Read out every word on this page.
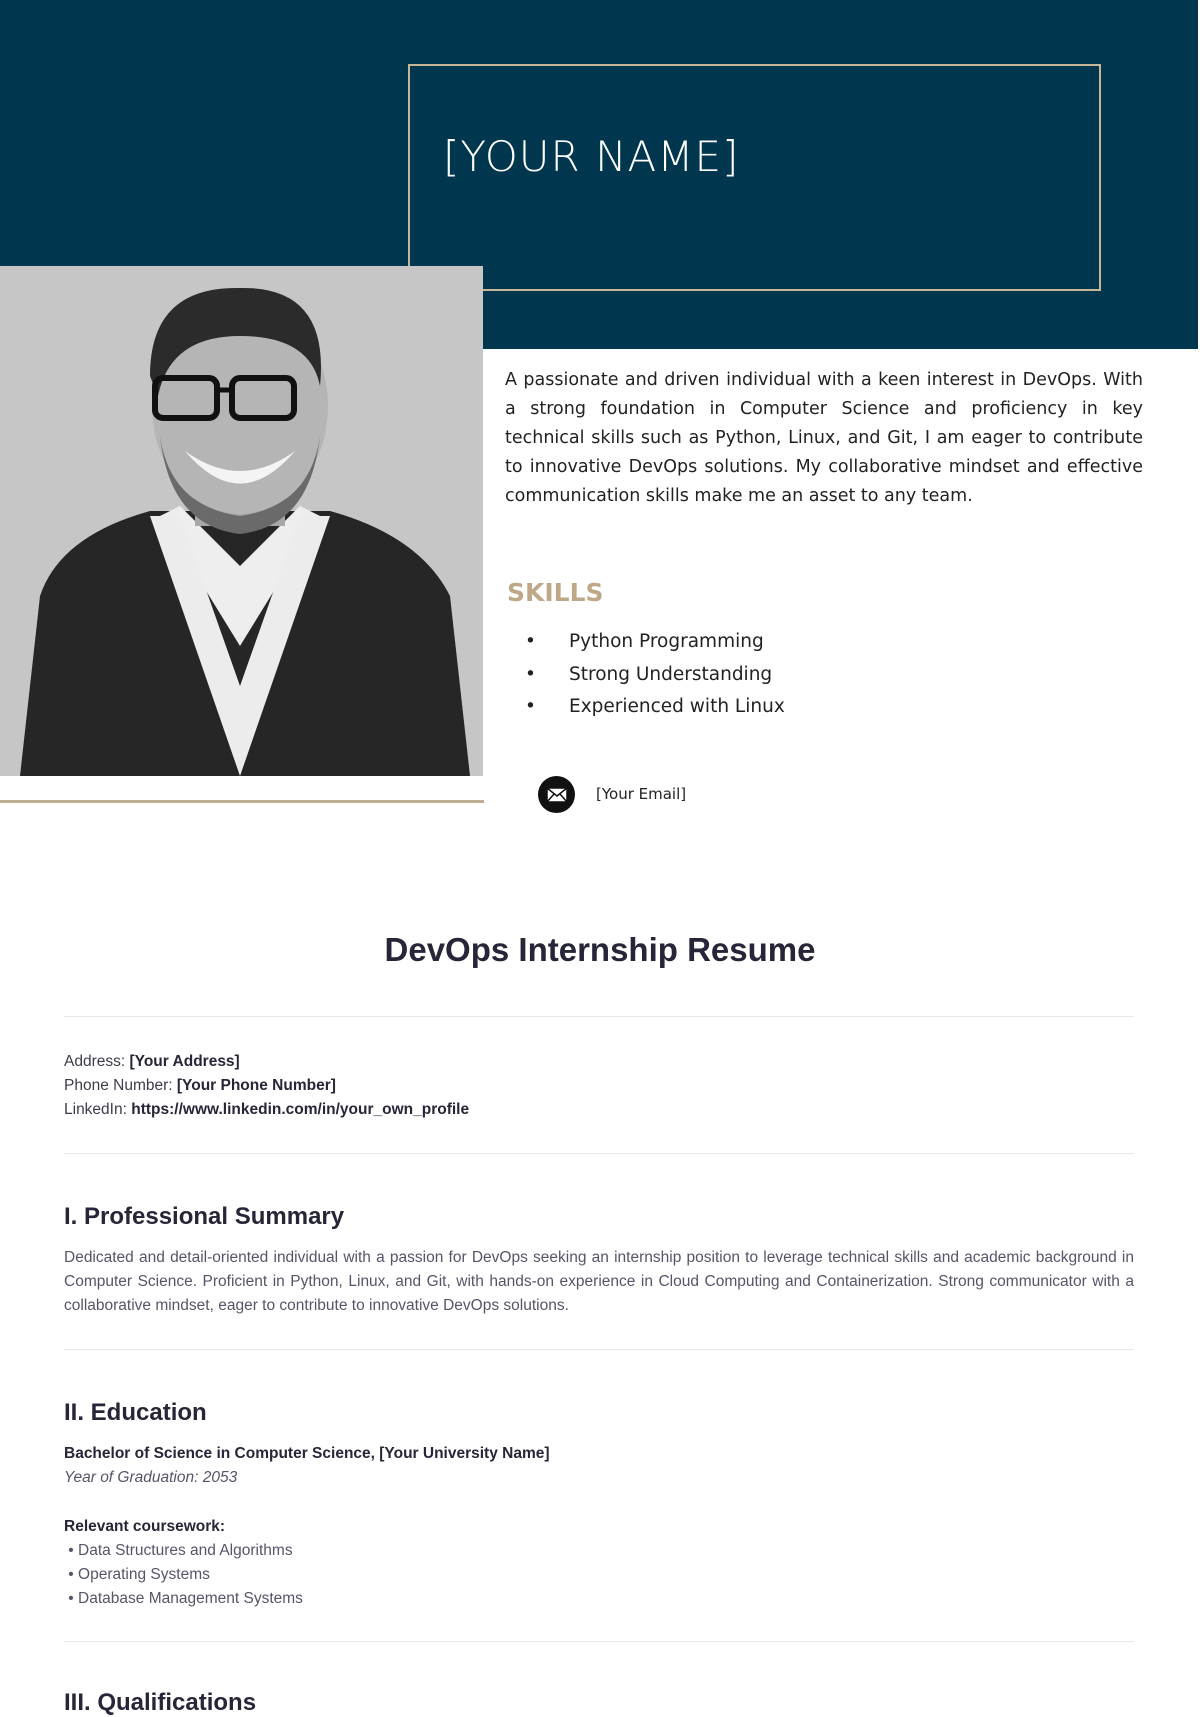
[YOUR NAME]
A passionate and driven individual with a keen interest in DevOps. With a strong foundation in Computer Science and proficiency in key technical skills such as Python, Linux, and Git, I am eager to contribute to innovative DevOps solutions. My collaborative mindset and effective communication skills make me an asset to any team.
SKILLS
• Python Programming
• Strong Understanding
• Experienced with Linux
[Your Email]
DevOps Internship Resume
Address: [Your Address]
Phone Number: [Your Phone Number]
LinkedIn: https://www.linkedin.com/in/your_own_profile
I. Professional Summary
Dedicated and detail-oriented individual with a passion for DevOps seeking an internship position to leverage technical skills and academic background in Computer Science. Proficient in Python, Linux, and Git, with hands-on experience in Cloud Computing and Containerization. Strong communicator with a collaborative mindset, eager to contribute to innovative DevOps solutions.
II. Education
Bachelor of Science in Computer Science, [Your University Name]
Year of Graduation: 2053
Relevant coursework:
• Data Structures and Algorithms
• Operating Systems
• Database Management Systems
III. Qualifications
